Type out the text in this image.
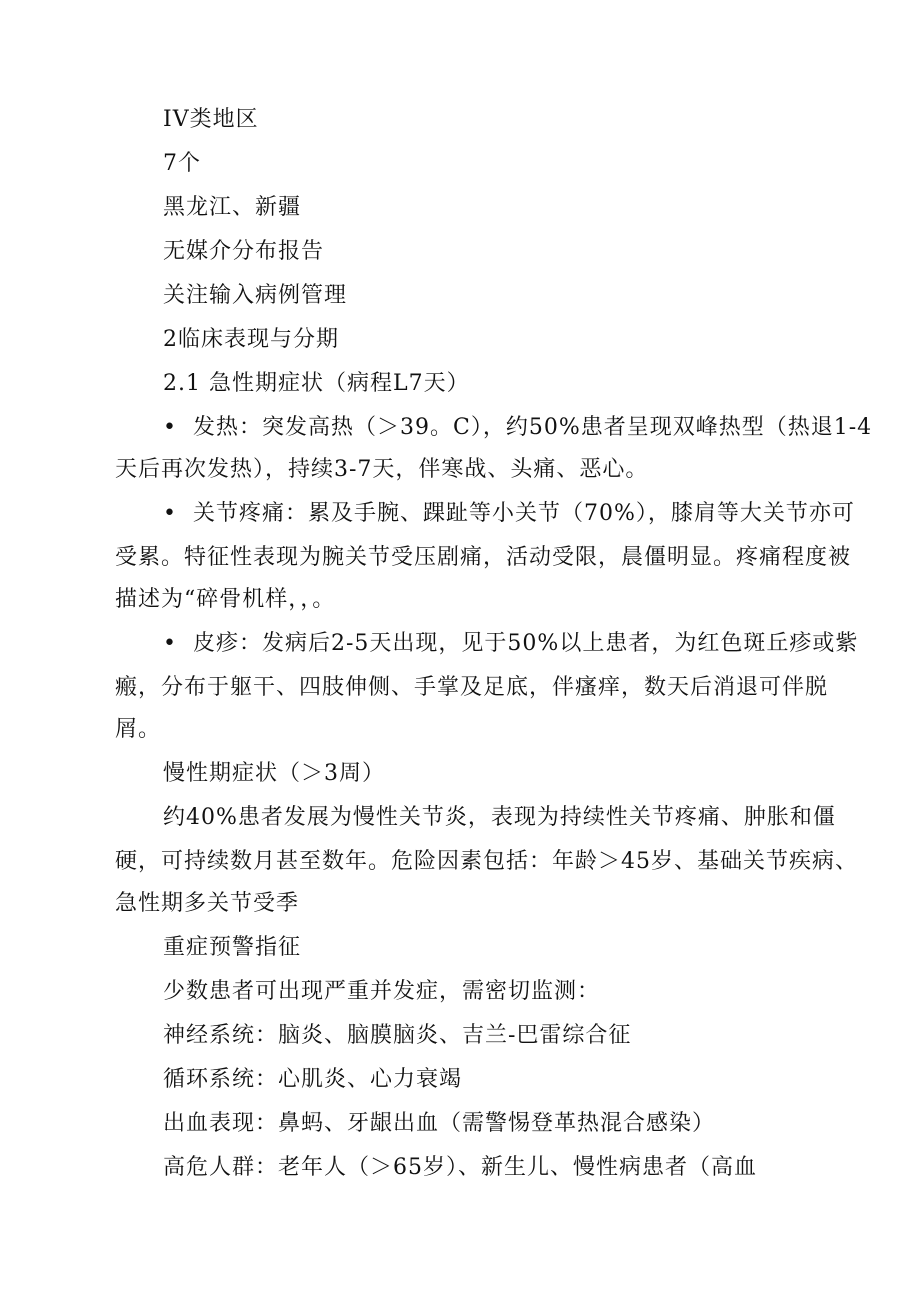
IV类地区
7个
黑龙江、新疆
无媒介分布报告
关注输入病例管理
2临床表现与分期
2.1 急性期症状（病程L7天）
• 发热：突发高热（＞39。C），约50%患者呈现双峰热型（热退1-4
天后再次发热），持续3-7天，伴寒战、头痛、恶心。
• 关节疼痛：累及手腕、踝趾等小关节（70%），膝肩等大关节亦可
受累。特征性表现为腕关节受压剧痛，活动受限，晨僵明显。疼痛程度被
描述为“碎骨机样，，。
• 皮疹：发病后2-5天出现，见于50%以上患者，为红色斑丘疹或紫
瘢，分布于躯干、四肢伸侧、手掌及足底，伴瘙痒，数天后消退可伴脱
屑。
慢性期症状（＞3周）
约40%患者发展为慢性关节炎，表现为持续性关节疼痛、肿胀和僵
硬，可持续数月甚至数年。危险因素包括：年龄＞45岁、基础关节疾病、
急性期多关节受季
重症预警指征
少数患者可出现严重并发症，需密切监测：
神经系统：脑炎、脑膜脑炎、吉兰-巴雷综合征
循环系统：心肌炎、心力衰竭
出血表现：鼻蚂、牙龈出血（需警惕登革热混合感染）
高危人群：老年人（＞65岁）、新生儿、慢性病患者（高血
